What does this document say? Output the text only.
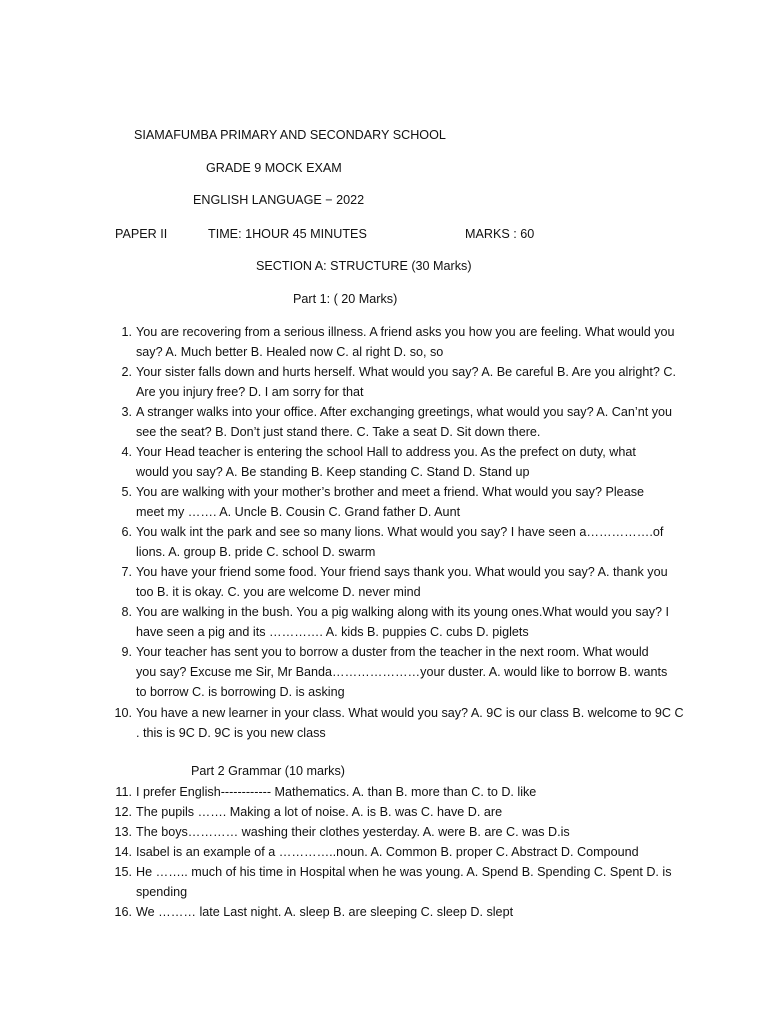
SIAMAFUMBA PRIMARY AND SECONDARY SCHOOL
GRADE 9 MOCK EXAM
ENGLISH LANGUAGE − 2022
PAPER II	TIME: 1HOUR 45 MINUTES	MARKS : 60
SECTION A: STRUCTURE (30 Marks)
Part 1: ( 20 Marks)
1. You are recovering from a serious illness. A friend asks you how you are feeling. What would you
say? A. Much better B. Healed now C. al right D. so, so
2. Your sister falls down and hurts herself. What would you say? A. Be careful B. Are you alright? C.
Are you injury free? D. I am sorry for that
3. A stranger walks into your office. After exchanging greetings, what would you say? A. Can’nt you
see the seat? B. Don’t just stand there. C. Take a seat D. Sit down there.
4. Your Head teacher is entering the school Hall to address you. As the prefect on duty, what
would you say? A. Be standing B. Keep standing C. Stand D. Stand up
5. You are walking with your mother’s brother and meet a friend. What would you say? Please
meet my ……. A. Uncle B. Cousin C. Grand father D. Aunt
6. You walk int the park and see so many lions. What would you say? I have seen a…………….of
lions. A. group B. pride C. school D. swarm
7. You have your friend some food. Your friend says thank you. What would you say? A. thank you
too B. it is okay. C. you are welcome D. never mind
8. You are walking in the bush. You a pig walking along with its young ones.What would you say? I
have seen a pig and its …………. A. kids B. puppies C. cubs D. piglets
9. Your teacher has sent you to borrow a duster from the teacher in the next room. What would
you say? Excuse me Sir, Mr Banda…………………your duster. A. would like to borrow B. wants
to borrow C. is borrowing D. is asking
10. You have a new learner in your class. What would you say? A. 9C is our class B. welcome to 9C C
. this is 9C D. 9C is you new class
Part 2 Grammar (10 marks)
11. I prefer English------------ Mathematics. A. than B. more than C. to D. like
12. The pupils ……. Making a lot of noise. A. is B. was C. have D. are
13. The boys………… washing their clothes yesterday. A. were B. are C. was D.is
14. Isabel is an example of a …………..noun. A. Common B. proper C. Abstract D. Compound
15. He …….. much of his time in Hospital when he was young. A. Spend B. Spending C. Spent D. is
spending
16. We ……… late Last night. A. sleep B. are sleeping C. sleep D. slept
